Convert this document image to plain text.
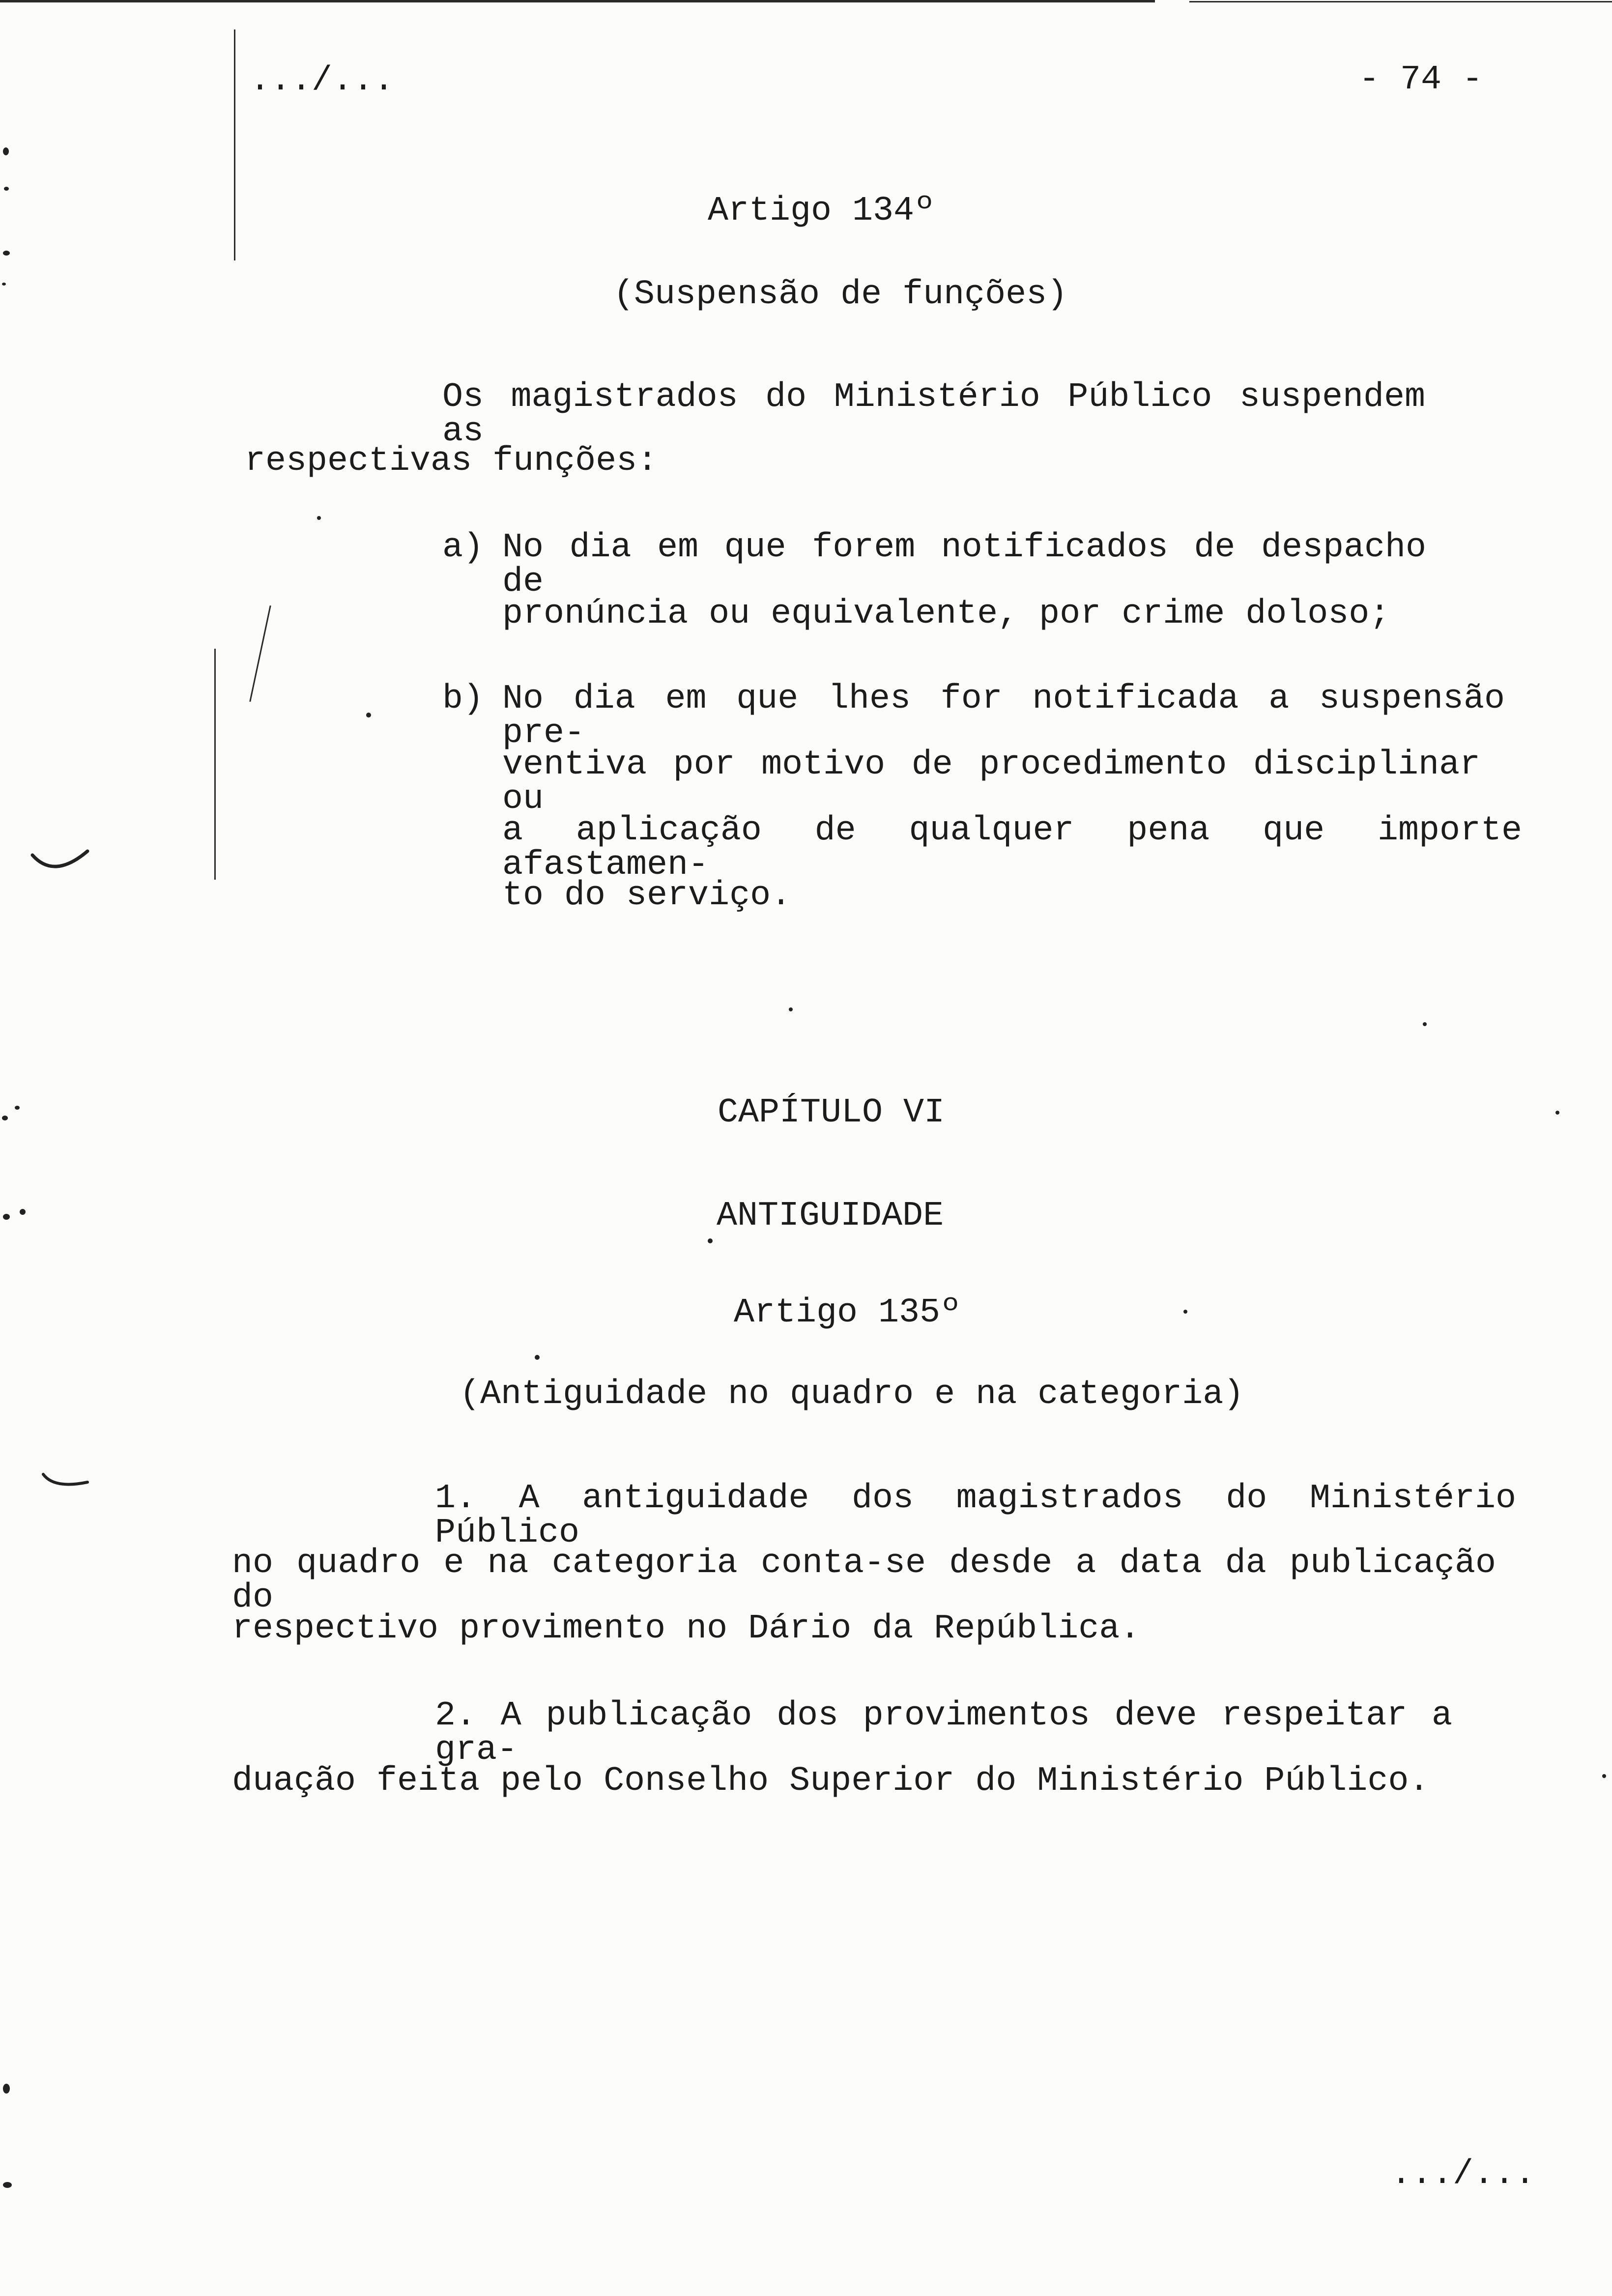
.../...	- 74 -

Artigo 134º

(Suspensão de funções)

Os magistrados do Ministério Público suspendem as

respectivas funções:

a) No dia em que forem notificados de despacho de

pronúncia ou equivalente, por crime doloso;

b) No dia em que lhes for notificada a suspensão pre-

ventiva por motivo de procedimento disciplinar ou

a aplicação de qualquer pena que importe afastamen-

to do serviço.

CAPÍTULO VI

ANTIGUIDADE

Artigo 135º

(Antiguidade no quadro e na categoria)

1. A antiguidade dos magistrados do Ministério Público

no quadro e na categoria conta-se desde a data da publicação do

respectivo provimento no Dário da República.

2. A publicação dos provimentos deve respeitar a gra-

duação feita pelo Conselho Superior do Ministério Público.

.../...
